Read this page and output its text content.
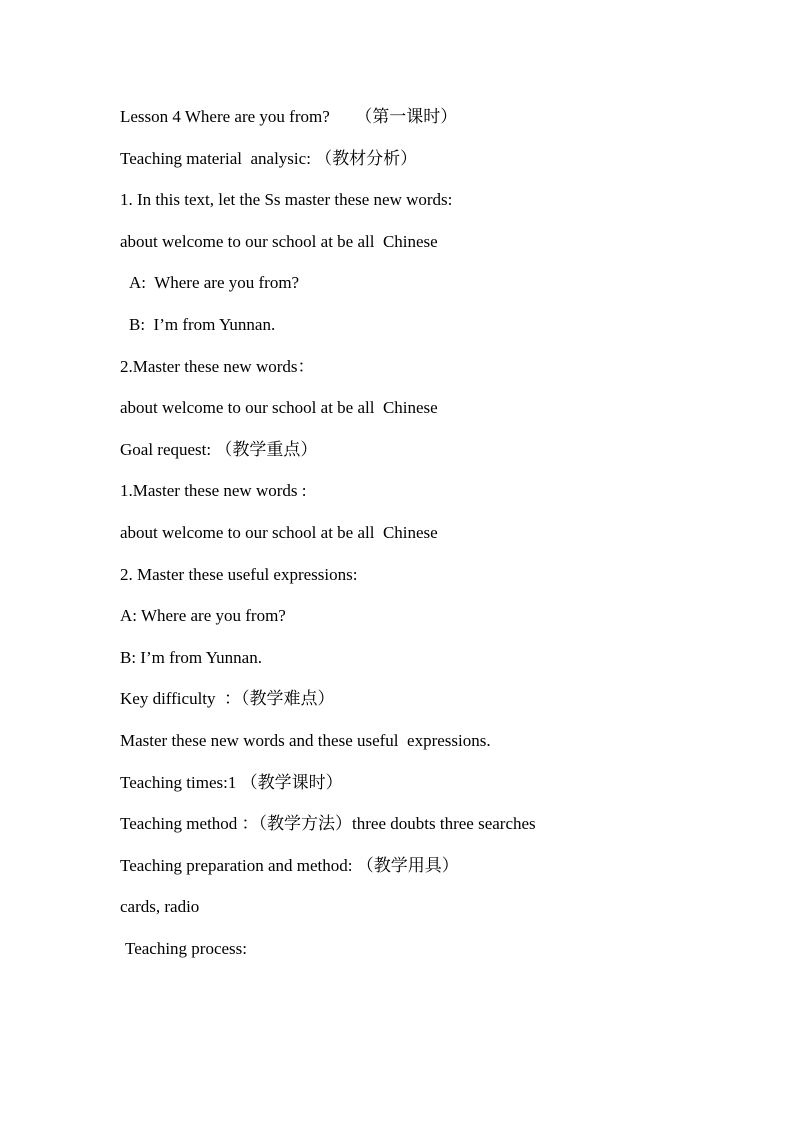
Lesson 4 Where are you from?      （第一课时）
Teaching material  analysic: （教材分析）
1. In this text, let the Ss master these new words:
about welcome to our school at be all  Chinese
A:  Where are you from?
B:  I’m from Yunnan.
2.Master these new words：
about welcome to our school at be all  Chinese
Goal request: （教学重点）
1.Master these new words :
about welcome to our school at be all  Chinese
2. Master these useful expressions:
A: Where are you from?
B: I’m from Yunnan.
Key difficulty  ：（教学难点）
Master these new words and these useful  expressions.
Teaching times:1 （教学课时）
Teaching method ：（教学方法）three doubts three searches
Teaching preparation and method: （教学用具）
cards, radio
Teaching process:
